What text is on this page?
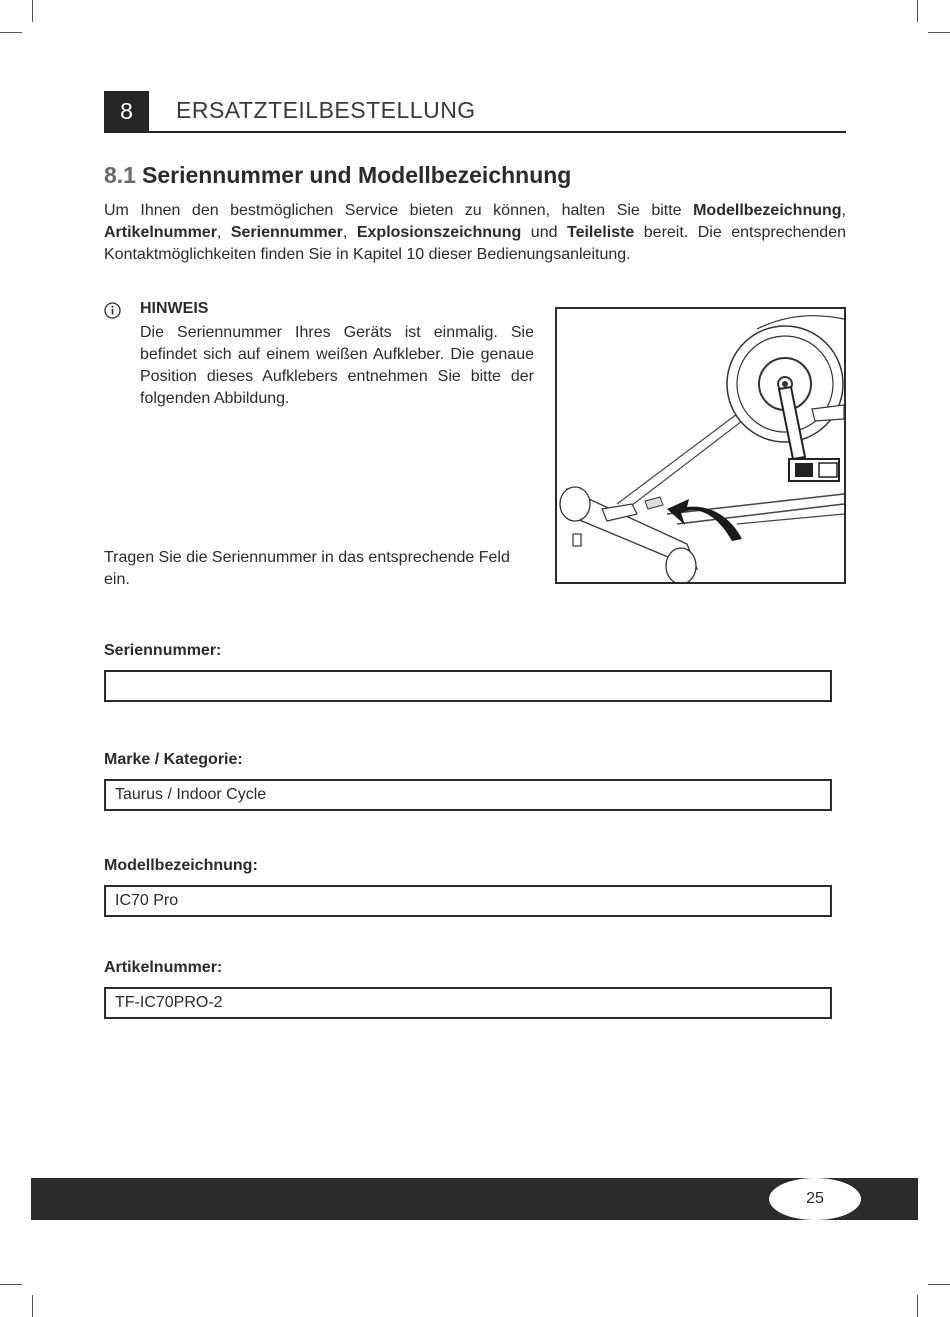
8	ERSATZTEILBESTELLUNG
8.1 Seriennummer und Modellbezeichnung
Um Ihnen den bestmöglichen Service bieten zu können, halten Sie bitte Modellbezeichnung, Artikelnummer, Seriennummer, Explosionszeichnung und Teileliste bereit. Die entsprechenden Kontaktmöglichkeiten finden Sie in Kapitel 10 dieser Bedienungsanleitung.
HINWEIS
Die Seriennummer Ihres Geräts ist einmalig. Sie befindet sich auf einem weißen Aufkleber. Die genaue Position dieses Aufklebers entnehmen Sie bitte der folgenden Abbildung.
Tragen Sie die Seriennummer in das entsprechende Feld ein.
Seriennummer:
Marke / Kategorie:
Taurus / Indoor Cycle
Modellbezeichnung:
IC70 Pro
Artikelnummer:
TF-IC70PRO-2
25
